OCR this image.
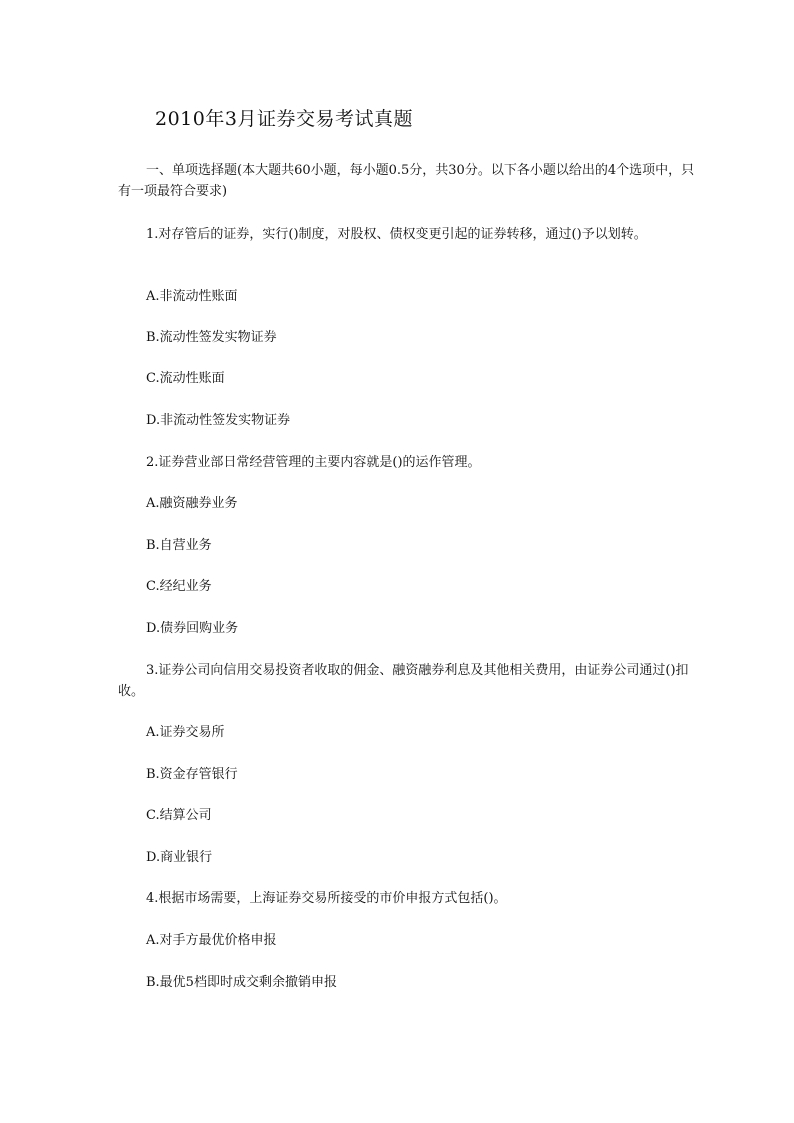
2010年3月证券交易考试真题

一、单项选择题(本大题共60小题，每小题0.5分，共30分。以下各小题以给出的4个选项中，只有一项最符合要求)

1.对存管后的证券，实行()制度，对股权、债权变更引起的证券转移，通过()予以划转。

A.非流动性账面

B.流动性签发实物证券

C.流动性账面

D.非流动性签发实物证券

2.证券营业部日常经营管理的主要内容就是()的运作管理。

A.融资融券业务

B.自营业务

C.经纪业务

D.债券回购业务

3.证券公司向信用交易投资者收取的佣金、融资融券利息及其他相关费用，由证券公司通过()扣收。

A.证券交易所

B.资金存管银行

C.结算公司

D.商业银行

4.根据市场需要，上海证券交易所接受的市价申报方式包括()。

A.对手方最优价格申报

B.最优5档即时成交剩余撤销申报
